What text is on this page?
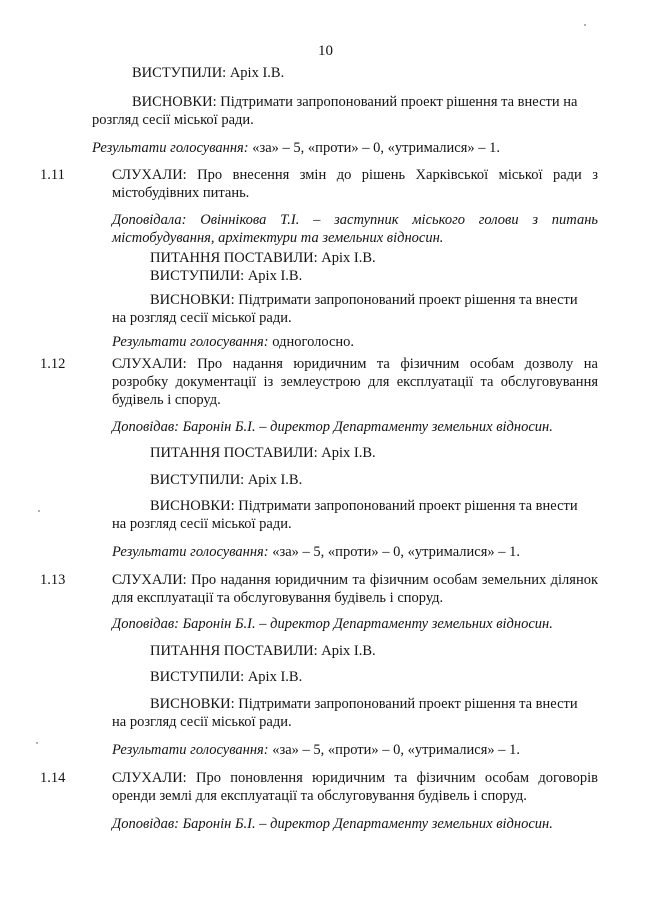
10
ВИСТУПИЛИ: Аріх І.В.
ВИСНОВКИ: Підтримати запропонований проект рішення та внести на
розгляд сесії міської ради.
Результати голосування: «за» – 5, «проти» – 0, «утрималися» – 1.
1.11	СЛУХАЛИ: Про внесення змін до рішень Харківської міської ради з містобудівних питань.
Доповідала: Овіннікова Т.І. – заступник міського голови з питань містобудування, архітектури та земельних відносин.
ПИТАННЯ ПОСТАВИЛИ: Аріх І.В.
ВИСТУПИЛИ: Аріх І.В.
ВИСНОВКИ: Підтримати запропонований проект рішення та внести
на розгляд сесії міської ради.
Результати голосування: одноголосно.
1.12	СЛУХАЛИ: Про надання юридичним та фізичним особам дозволу на розробку документації із землеустрою для експлуатації та обслуговування будівель і споруд.
Доповідав: Баронін Б.І. – директор Департаменту земельних відносин.
ПИТАННЯ ПОСТАВИЛИ: Аріх І.В.
ВИСТУПИЛИ: Аріх І.В.
ВИСНОВКИ: Підтримати запропонований проект рішення та внести
на розгляд сесії міської ради.
Результати голосування: «за» – 5, «проти» – 0, «утрималися» – 1.
1.13	СЛУХАЛИ: Про надання юридичним та фізичним особам земельних ділянок для експлуатації та обслуговування будівель і споруд.
Доповідав: Баронін Б.І. – директор Департаменту земельних відносин.
ПИТАННЯ ПОСТАВИЛИ: Аріх І.В.
ВИСТУПИЛИ: Аріх І.В.
ВИСНОВКИ: Підтримати запропонований проект рішення та внести
на розгляд сесії міської ради.
Результати голосування: «за» – 5, «проти» – 0, «утрималися» – 1.
1.14	СЛУХАЛИ: Про поновлення юридичним та фізичним особам договорів оренди землі для експлуатації та обслуговування будівель і споруд.
Доповідав: Баронін Б.І. – директор Департаменту земельних відносин.
